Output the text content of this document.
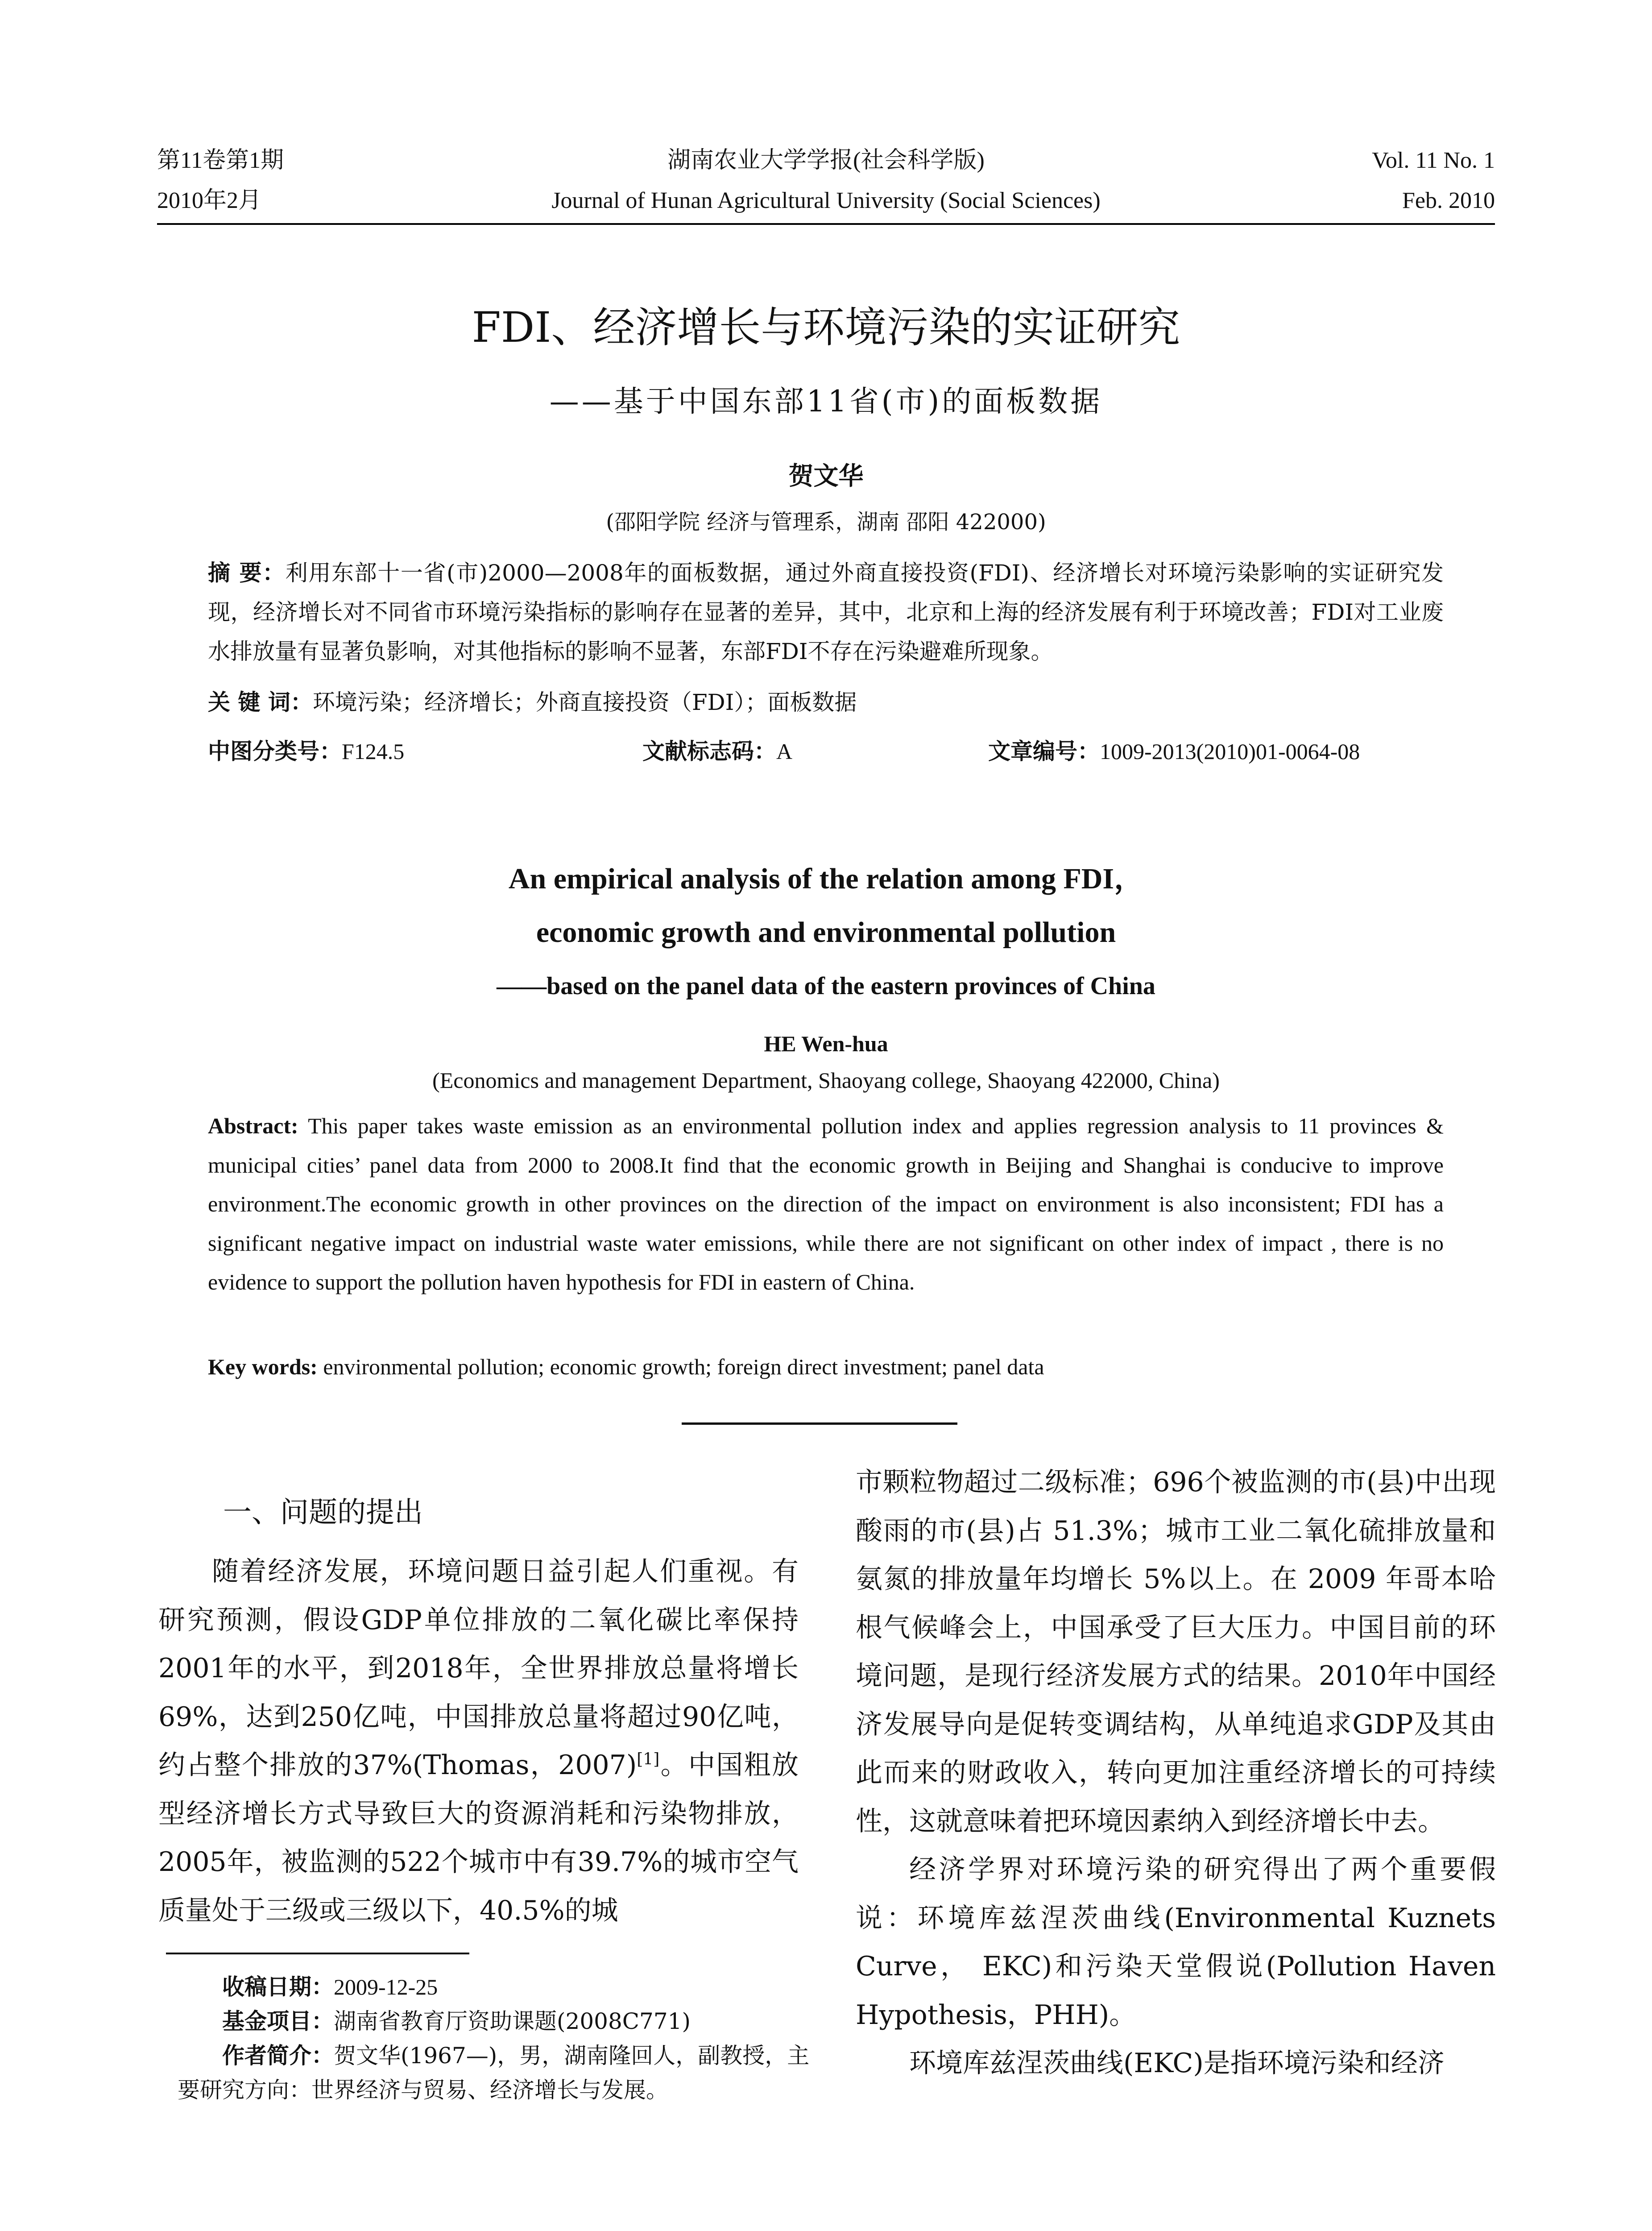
第11卷第1期
2010年2月
湖南农业大学学报(社会科学版)
Journal of Hunan Agricultural University (Social Sciences)
Vol. 11 No. 1
Feb. 2010
FDI、经济增长与环境污染的实证研究
——基于中国东部11省(市)的面板数据
贺文华
(邵阳学院 经济与管理系，湖南 邵阳 422000)
摘 要：利用东部十一省(市)2000—2008年的面板数据，通过外商直接投资(FDI)、经济增长对环境污染影响的实证研究发现，经济增长对不同省市环境污染指标的影响存在显著的差异，其中，北京和上海的经济发展有利于环境改善；FDI对工业废水排放量有显著负影响，对其他指标的影响不显著，东部FDI不存在污染避难所现象。
关 键 词：环境污染；经济增长；外商直接投资（FDI）；面板数据
中图分类号：F124.5	文献标志码：A	文章编号：1009-2013(2010)01-0064-08
An empirical analysis of the relation among FDI，
economic growth and environmental pollution
——based on the panel data of the eastern provinces of China
HE Wen-hua
(Economics and management Department, Shaoyang college, Shaoyang 422000, China)
Abstract: This paper takes waste emission as an environmental pollution index and applies regression analysis to 11 provinces & municipal cities’ panel data from 2000 to 2008.It find that the economic growth in Beijing and Shanghai is conducive to improve environment.The economic growth in other provinces on the direction of the impact on environment is also inconsistent; FDI has a significant negative impact on industrial waste water emissions, while there are not significant on other index of impact , there is no evidence to support the pollution haven hypothesis for FDI in eastern of China.
Key words: environmental pollution; economic growth; foreign direct investment; panel data
一、问题的提出

随着经济发展，环境问题日益引起人们重视。有研究预测，假设GDP单位排放的二氧化碳比率保持2001年的水平，到2018年，全世界排放总量将增长69%，达到250亿吨，中国排放总量将超过90亿吨，约占整个排放的37%(Thomas，2007)[1]。中国粗放型经济增长方式导致巨大的资源消耗和污染物排放，2005年，被监测的522个城市中有39.7%的城市空气质量处于三级或三级以下，40.5%的城

收稿日期：2009-12-25
基金项目：湖南省教育厅资助课题(2008C771)
作者简介：贺文华(1967—)，男，湖南隆回人，副教授，主要研究方向：世界经济与贸易、经济增长与发展。

市颗粒物超过二级标准；696个被监测的市(县)中出现酸雨的市(县)占 51.3%；城市工业二氧化硫排放量和氨氮的排放量年均增长 5%以上。在 2009 年哥本哈根气候峰会上，中国承受了巨大压力。中国目前的环境问题，是现行经济发展方式的结果。2010年中国经济发展导向是促转变调结构，从单纯追求GDP及其由此而来的财政收入，转向更加注重经济增长的可持续性，这就意味着把环境因素纳入到经济增长中去。

经济学界对环境污染的研究得出了两个重要假说：环境库兹涅茨曲线(Environmental Kuznets Curve， EKC)和污染天堂假说(Pollution Haven Hypothesis，PHH)。

环境库兹涅茨曲线(EKC)是指环境污染和经济
